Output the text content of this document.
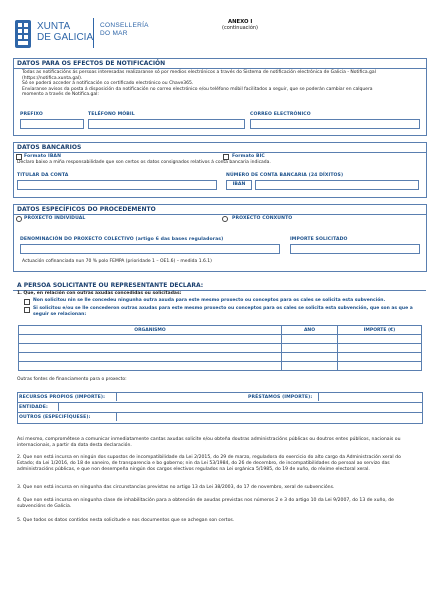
XUNTA
DE GALICIA
CONSELLERÍA
DO MAR
ANEXO I
(continuación)
DATOS PARA OS EFECTOS DE NOTIFICACIÓN
Todas as notificacións ás persoas interesadas realizaranse só por medios electrónicos a través do Sistema de notificación electrónica de Galicia - Notifica.gal
(https://notifica.xunta.gal).
Só se poderá acceder á notificación co certificado electrónico ou Chave365.
Enviaranse avisos da posta á disposición da notificación no correo electrónico e/ou teléfono móbil facilitados a seguir, que se poderán cambiar en calquera
momento a través de Notifica.gal:
PREFIXO	TELÉFONO MÓBIL	CORREO ELECTRÓNICO
DATOS BANCARIOS
Formato IBAN	Formato BIC
Declaro baixo a miña responsabilidade que son certos os datos consignados relativos á conta bancaria indicada.
TITULAR DA CONTA	NÚMERO DE CONTA BANCARIA (24 DÍXITOS)
IBAN
DATOS ESPECÍFICOS DO PROCEDEMENTO
PROXECTO INDIVIDUAL	PROXECTO CONXUNTO
DENOMINACIÓN DO PROXECTO COLECTIVO (artigo 6 das bases reguladoras)	IMPORTE SOLICITADO
Actuación cofinanciada nun 70 % polo FEMPA (prioridade 1 – OE1.6) – medida 1.6.1)
A PERSOA SOLICITANTE OU REPRESENTANTE DECLARA:
1. Que, en relación con outras axudas concedidas ou solicitadas:
Non solicitou nin se lle concedeu ningunha outra axuda para este mesmo proxecto ou conceptos para os cales se solicita esta subvención.
Si solicitou e/ou se lle concederon outras axudas para este mesmo proxecto ou conceptos para os cales se solicita esta subvención, que son as que a
seguir se relacionan:
ORGANISMO	ANO	IMPORTE (€)

Outras fontes de financiamento para o proxecto:
RECURSOS PROPIOS (IMPORTE):	PRÉSTAMOS (IMPORTE):
ENTIDADE:
OUTROS (ESPECIFÍQUESE):
Así mesmo, comprométese a comunicar inmediatamente cantas axudas solicite e/ou obteña doutras administracións públicas ou doutros entes públicos, nacionais ou internacionais, a partir da data desta declaración.
2. Que non está incursa en ningún dos supostos de incompatibilidade da Lei 2/2015, do 29 de marzo, reguladora do exercicio do alto cargo da Administración xeral do Estado; da Lei 1/2016, do 18 de xaneiro, de transparencia e bo goberno; nin da Lei 53/1984, do 26 de decembro, de incompatibilidades do persoal ao servizo das administracións públicas, e que non desempeña ningún dos cargos electivos regulados na Lei orgánica 5/1985, do 19 de xuño, do réxime electoral xeral.
3. Que non está incursa en ningunha das circunstancias previstas no artigo 13 da Lei 38/2003, do 17 de novembro, xeral de subvencións.
4. Que non está incursa en ningunha clase de inhabilitación para a obtención de axudas previstas nos números 2 e 3 do artigo 10 da Lei 9/2007, do 13 de xuño, de subvencións de Galicia.
5. Que todos os datos contidos nesta solicitude e nos documentos que se achegan son certos.
